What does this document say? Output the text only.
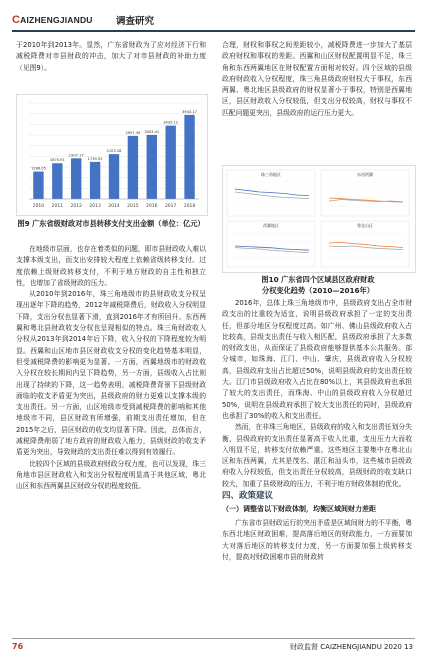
CAIZHENGJIANDU 调查研究

于2010年到2013年。显然，广东省财政为了应对经济下行和减税降费对市县财政的冲击，加大了对市县财政的补助力度（见图9）。

1286.05
2010
1675.91
2011
1907.17
2012
1739.92
2013
2103.28
2014
2957.39
2015
3003.41
2016
3439.12
2017
3943.17
2018
图9 广东省级财政对市县转移支付支出金额（单位：亿元）

在地级市层面，也存在着类似的问题，即市县财政收入难以支撑本级支出，而支出安排较大程度上依赖省级转移支付。过度依赖上级财政转移支付，不利于地方财政的自主性和独立性，也增加了省级财政的压力。

从2010年到2016年，珠三角地级市的县财政收支分权呈现出逐年下降的趋势，2012年减税降费后，财政收入分权明显下降，支出分权也显著下滑，直到2016年才有所回升。东西两翼和粤北县财政收支分权也呈现相似的特点。珠三角财政收入分权从2013年到2014年后下降，收入分权的下降程度较为明显。西翼和山区地市县区财政收支分权的变化趋势基本明显，但受减税降费的影响更为显著。一方面，西翼地级市的财政收入分权在较长期间内呈下降趋势，另一方面，县级收入占比则出现了持续的下降，这一趋势表明，减税降费背景下县级财政面临的收支矛盾更为突出，县级政府的财力更难以支撑本级的支出责任。另一方面，山区地级市受到减税降费的影响和其他地级市不同，县区财政有所增强，前期支出责任增加，但在2015年之后，县区财政的收支均显著下降。因此，总体而言，减税降费削弱了地方政府的财政收入能力，县级财政的收支矛盾更为突出，导致财政的支出责任难以得到有效履行。

比较四个区域的县级政府财政分权力度，也可以发现，珠三角地市县区财政收入和支出分权程度明显高于其他区域，粤北山区和东西两翼县区财政分权的程度较低。

合理，财权和事权之间差距较小，减税降费进一步加大了基层政府财权和事权的差距。西翼和山区财权配置明显不足，珠三角和东西两翼地区在财权配置方面相对较好。四个区域的县级政府财政收入分权程度，珠三角县级政府财权大于事权，东西两翼、粤北地区县级政府的财权显著小于事权，特别是西翼地区，县区财政收入分权较低，但支出分权较高，财权与事权不匹配问题更突出，县级政府的运行压力更大。

珠三角地区	东西两翼
西翼地区	粤北山区
图10 广东省四个区域县区政府财政
分权变化趋势（2010—2016年）

2016年，总体上珠三角地级市中，县级政府支出占全市财政支出的比重较为适宜，说明县级政府承担了一定的支出责任，但部分地区分权程度过高。如广州、佛山县级政府收入占比较高，县级支出责任与收入相匹配，县级政府承担了大多数的财政支出，从而保证了县级政府能够提供基本公共服务。部分城市，如珠海、江门、中山、肇庆，县级政府收入分权较高，县级政府支出占比超过50%，说明县级政府的支出责任较大。江门市县级政府收入占比在80%以上，其县级政府也承担了较大的支出责任，而珠海、中山的县级政府收入分权超过50%，说明在县级政府承担了较大支出责任的同时，县级政府也承担了30%的收入和支出责任。

然而，在非珠三角地区，县级政府的收入和支出责任划分失衡，县级政府的支出责任显著高于收入比重，支出压力大而收入明显不足，转移支付依赖严重。这些地区主要集中在粤北山区和东西两翼，尤其是茂名、湛江和汕头市，这些城市县级政府收入分权较低，但支出责任分权较高，县级财政的收支缺口较大，加重了县级财政的压力，不利于地方财政体制的优化。

四、政策建议
（一）调整省以下财政体制，均衡区域间财力差距

广东省市县财政运行的突出矛盾是区域间财力的不平衡，粤东西北地区财政困难，提高落后地区的财政能力，一方面要加大对落后地区的转移支付力度，另一方面要加强上级转移支付，提高对财政困难市县的财政转

76	财政监督 CAIZHENGJIANDU 2020 13
